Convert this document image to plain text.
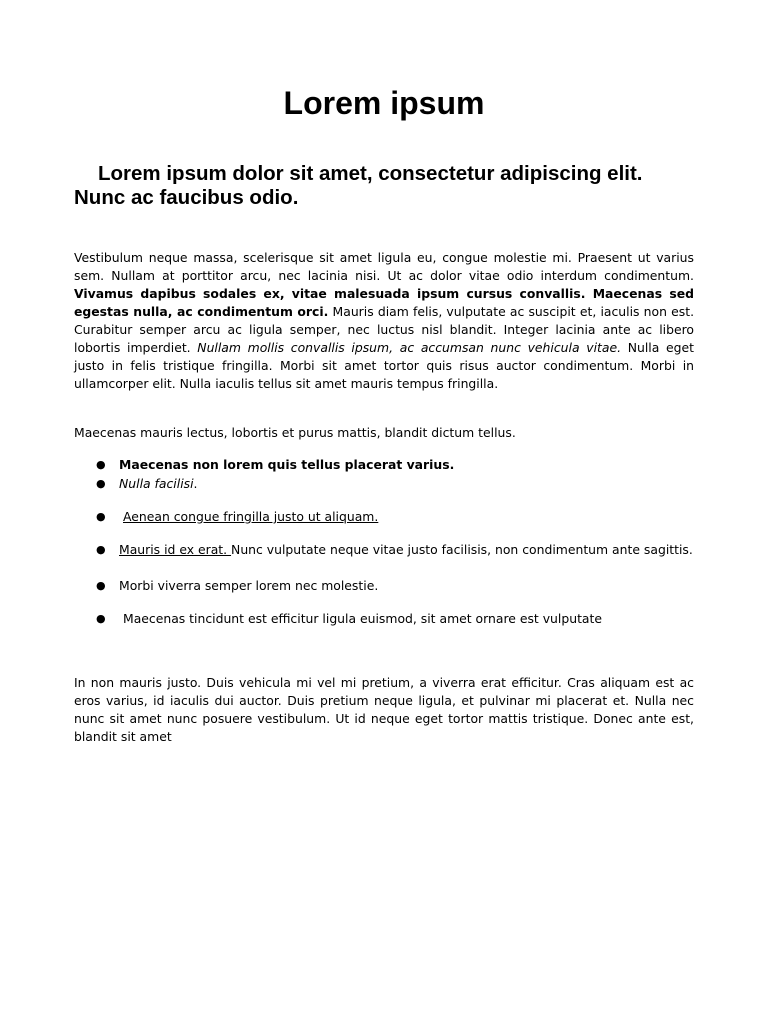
Lorem ipsum
Lorem ipsum dolor sit amet, consectetur adipiscing elit. Nunc ac faucibus odio.

Vestibulum neque massa, scelerisque sit amet ligula eu, congue molestie mi. Praesent ut varius sem. Nullam at porttitor arcu, nec lacinia nisi. Ut ac dolor vitae odio interdum condimentum. Vivamus dapibus sodales ex, vitae malesuada ipsum cursus convallis. Maecenas sed egestas nulla, ac condimentum orci. Mauris diam felis, vulputate ac suscipit et, iaculis non est. Curabitur semper arcu ac ligula semper, nec luctus nisl blandit. Integer lacinia ante ac libero lobortis imperdiet. Nullam mollis convallis ipsum, ac accumsan nunc vehicula vitae. Nulla eget justo in felis tristique fringilla. Morbi sit amet tortor quis risus auctor condimentum. Morbi in ullamcorper elit. Nulla iaculis tellus sit amet mauris tempus fringilla.

Maecenas mauris lectus, lobortis et purus mattis, blandit dictum tellus.

●	Maecenas non lorem quis tellus placerat varius.
●	Nulla facilisi.
●	Aenean congue fringilla justo ut aliquam.
●	Mauris id ex erat. Nunc vulputate neque vitae justo facilisis, non condimentum ante sagittis.
●	Morbi viverra semper lorem nec molestie.
●	Maecenas tincidunt est efficitur ligula euismod, sit amet ornare est vulputate

In non mauris justo. Duis vehicula mi vel mi pretium, a viverra erat efficitur. Cras aliquam est ac eros varius, id iaculis dui auctor. Duis pretium neque ligula, et pulvinar mi placerat et. Nulla nec nunc sit amet nunc posuere vestibulum. Ut id neque eget tortor mattis tristique. Donec ante est, blandit sit amet
